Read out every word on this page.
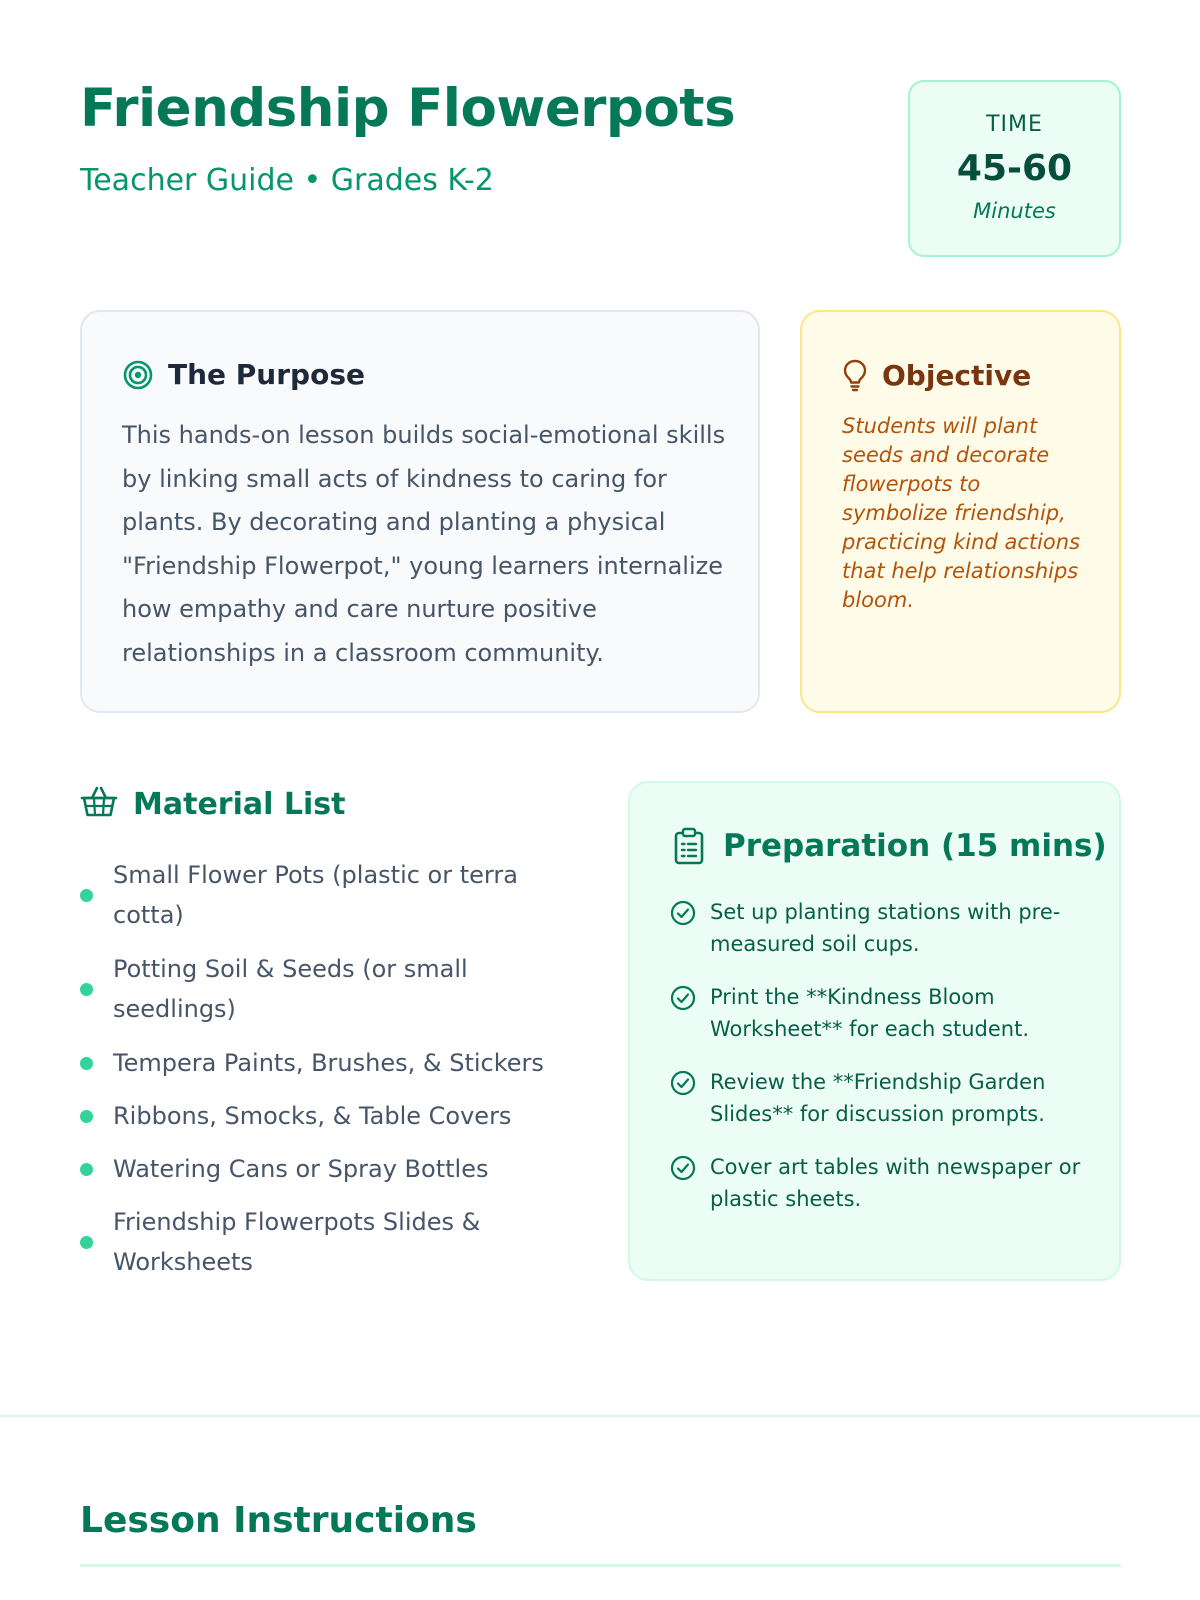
Friendship Flowerpots
Teacher Guide • Grades K-2
TIME
45-60
Minutes
The Purpose

This hands-on lesson builds social-emotional skills by linking small acts of kindness to caring for plants. By decorating and planting a physical "Friendship Flowerpot," young learners internalize how empathy and care nurture positive relationships in a classroom community.

Objective

Students will plant seeds and decorate flowerpots to symbolize friendship, practicing kind actions that help relationships bloom.

Material List
Small Flower Pots (plastic or terra cotta)
Potting Soil & Seeds (or small seedlings)
Tempera Paints, Brushes, & Stickers
Ribbons, Smocks, & Table Covers
Watering Cans or Spray Bottles
Friendship Flowerpots Slides & Worksheets
Preparation (15 mins)
Set up planting stations with pre-measured soil cups.
Print the **Kindness Bloom Worksheet** for each student.
Review the **Friendship Garden Slides** for discussion prompts.
Cover art tables with newspaper or plastic sheets.
Lesson Instructions
